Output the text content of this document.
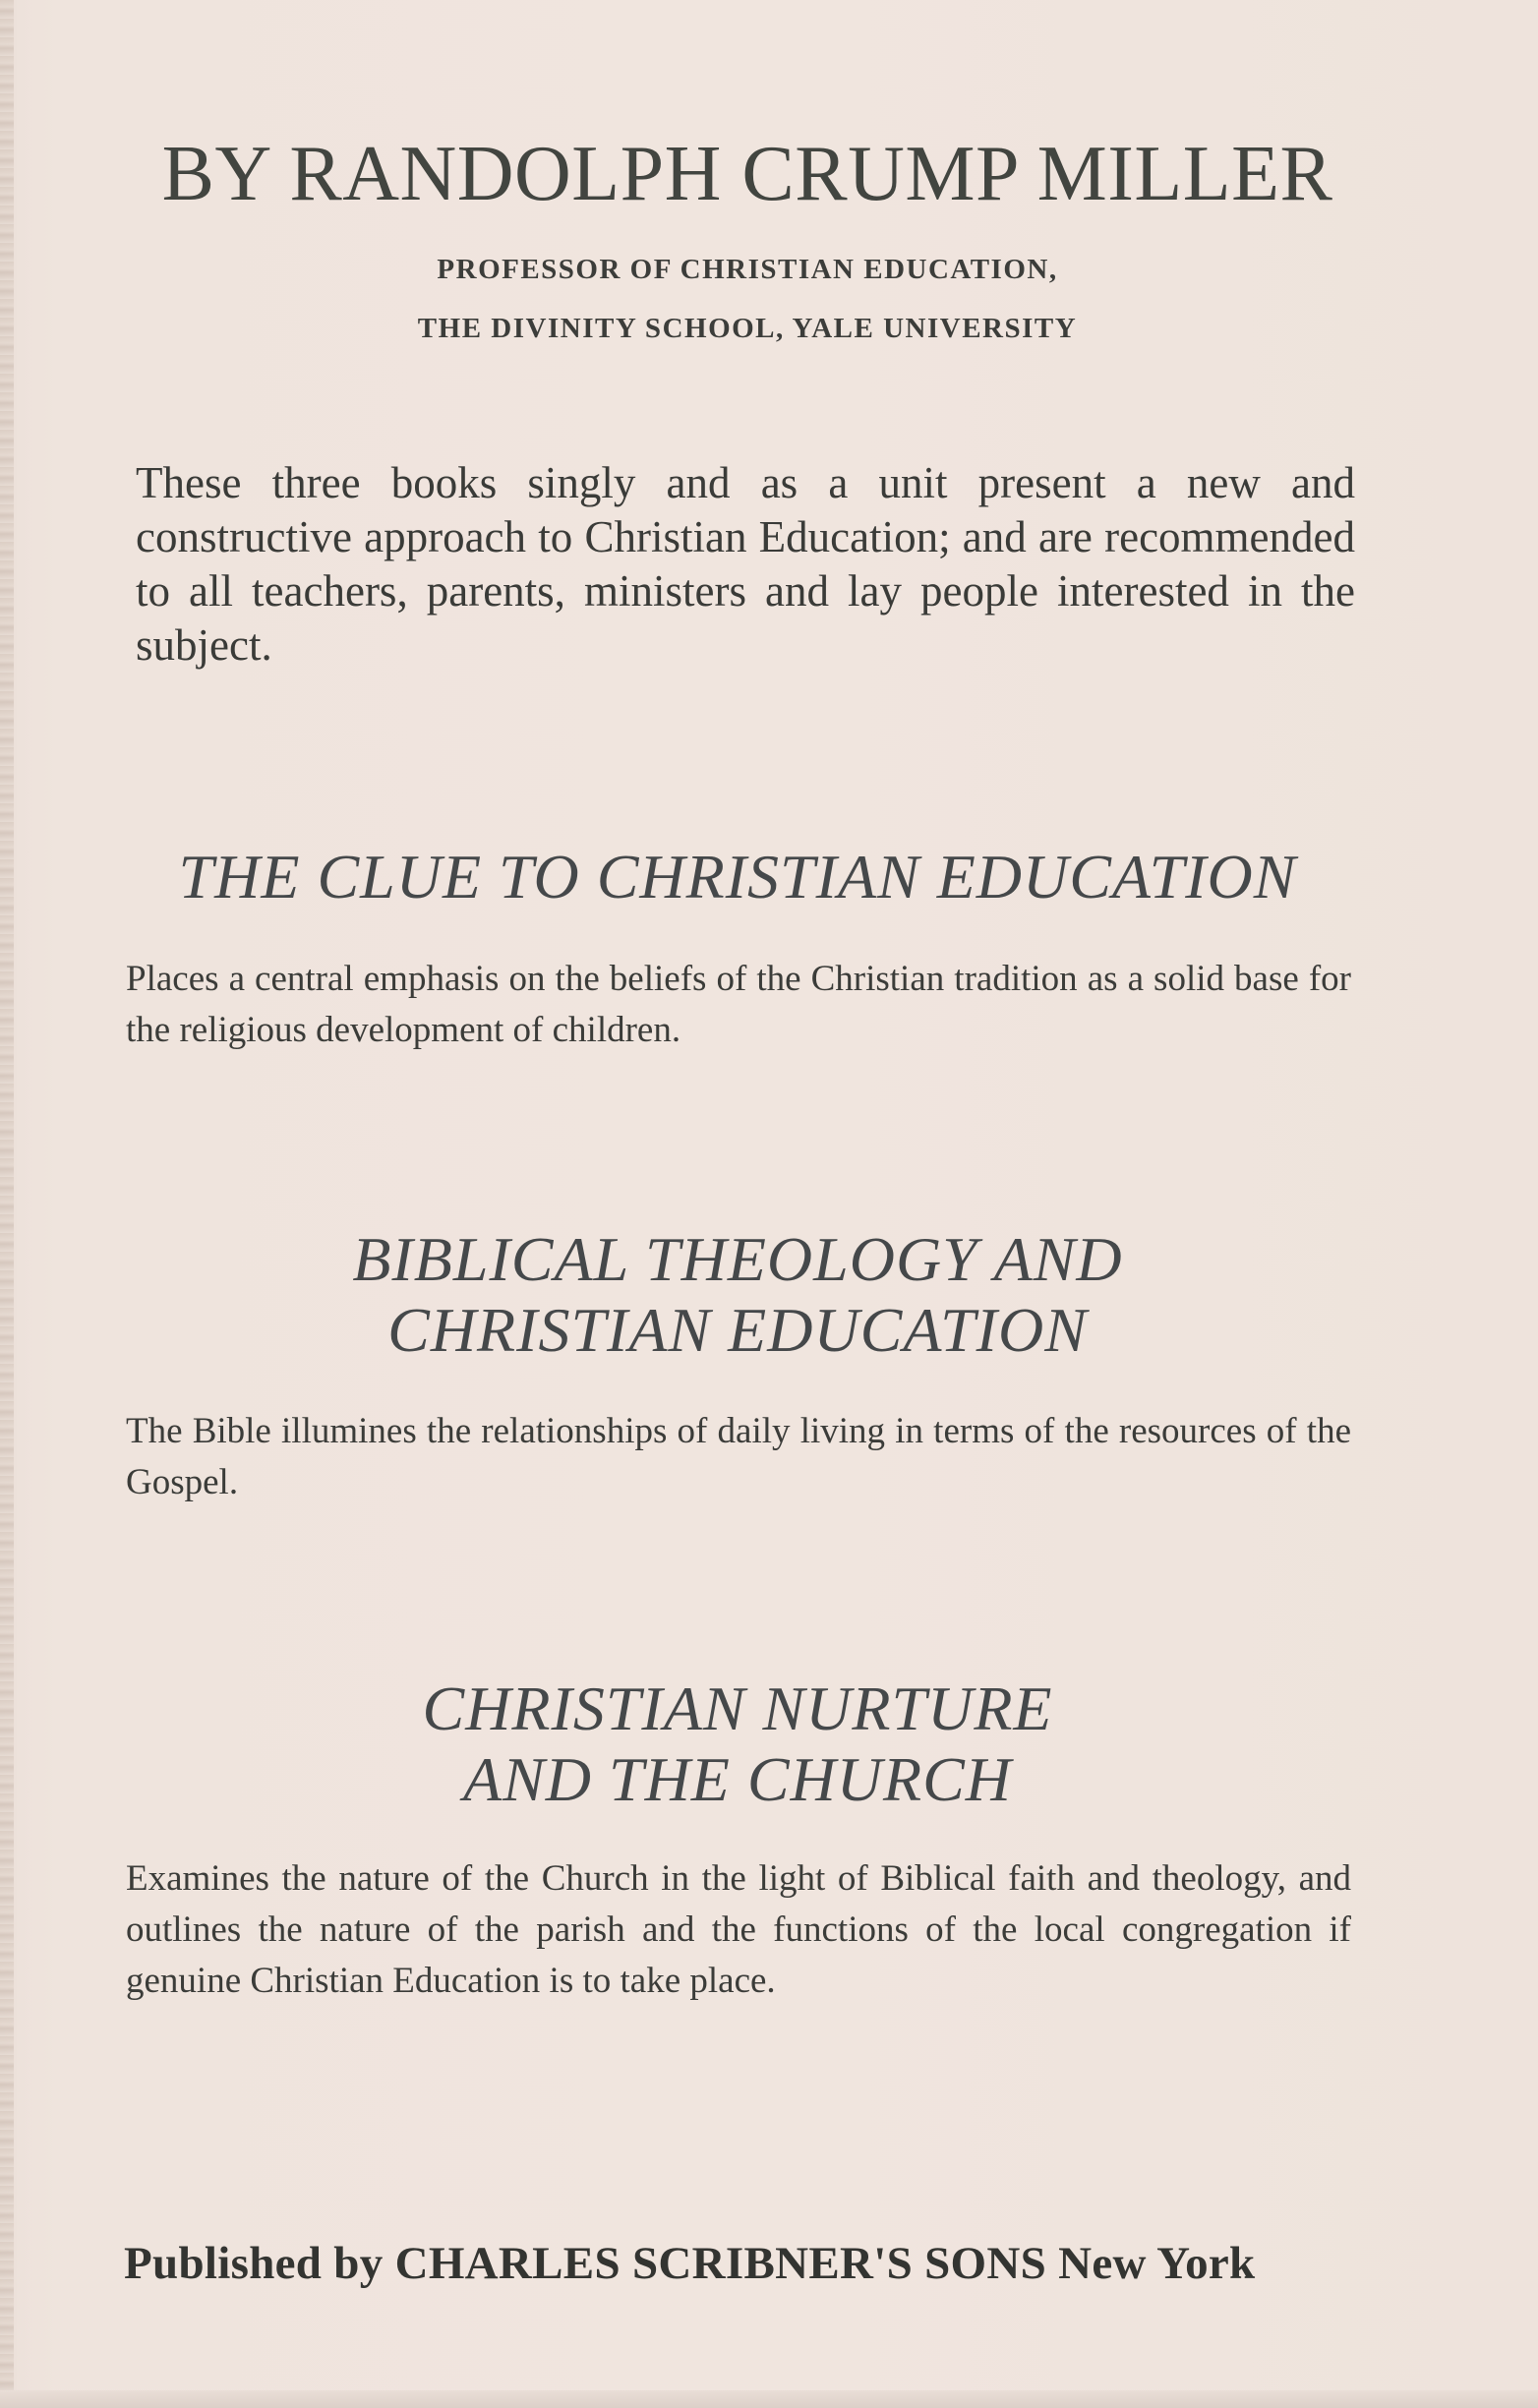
BY RANDOLPH CRUMP MILLER
PROFESSOR OF CHRISTIAN EDUCATION,
THE DIVINITY SCHOOL, YALE UNIVERSITY
These three books singly and as a unit present a new and constructive approach to Christian Education; and are recommended to all teachers, parents, ministers and lay people interested in the subject.
THE CLUE TO CHRISTIAN EDUCATION
Places a central emphasis on the beliefs of the Christian tradition as a solid base for the religious development of children.
BIBLICAL THEOLOGY AND
CHRISTIAN EDUCATION
The Bible illumines the relationships of daily living in terms of the resources of the Gospel.
CHRISTIAN NURTURE
AND THE CHURCH
Examines the nature of the Church in the light of Biblical faith and theology, and outlines the nature of the parish and the functions of the local congregation if genuine Christian Education is to take place.
Published by CHARLES SCRIBNER'S SONS New York
